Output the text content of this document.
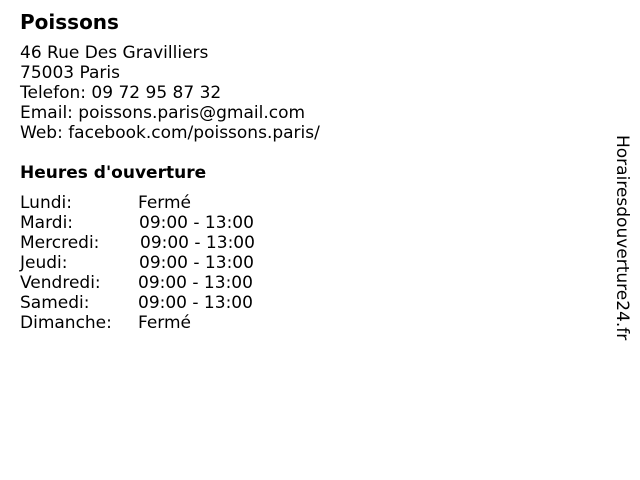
Poissons
46 Rue Des Gravilliers
75003 Paris
Telefon: 09 72 95 87 32
Email: poissons.paris@gmail.com
Web: facebook.com/poissons.paris/
Heures d'ouverture
Lundi:	Fermé
Mardi:	09:00 - 13:00
Mercredi: 09:00 - 13:00
Jeudi:	09:00 - 13:00
Vendredi: 09:00 - 13:00
Samedi:	09:00 - 13:00
Dimanche: Fermé	Horairesdouverture24.fr
